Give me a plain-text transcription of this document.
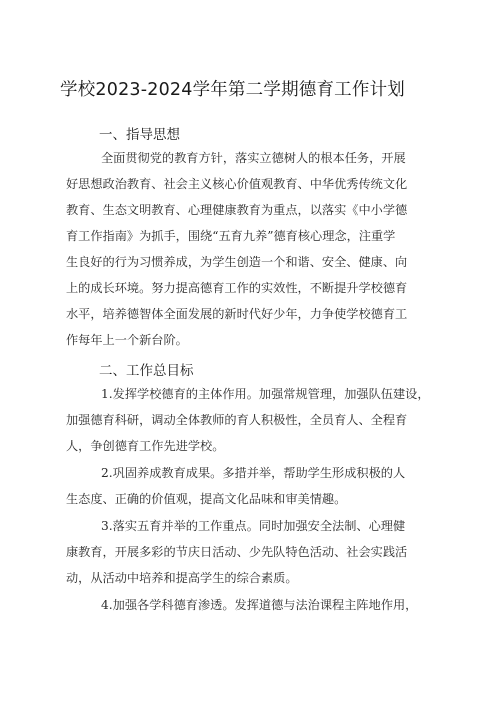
学校2023-2024学年第二学期德育工作计划
一、指导思想
全面贯彻党的教育方针，落实立德树人的根本任务，开展
好思想政治教育、社会主义核心价值观教育、中华优秀传统文化
教育、生态文明教育、心理健康教育为重点，以落实《中小学德
育工作指南》为抓手，围绕“五育九养”德育核心理念，注重学
生良好的行为习惯养成，为学生创造一个和谐、安全、健康、向
上的成长环境。努力提高德育工作的实效性，不断提升学校德育
水平，培养德智体全面发展的新时代好少年，力争使学校德育工
作每年上一个新台阶。
二、工作总目标
1.发挥学校德育的主体作用。加强常规管理，加强队伍建设，
加强德育科研，调动全体教师的育人积极性，全员育人、全程育
人，争创德育工作先进学校。
2.巩固养成教育成果。多措并举，帮助学生形成积极的人
生态度、正确的价值观，提高文化品味和审美情趣。
3.落实五育并举的工作重点。同时加强安全法制、心理健
康教育，开展多彩的节庆日活动、少先队特色活动、社会实践活
动，从活动中培养和提高学生的综合素质。
4.加强各学科德育渗透。发挥道德与法治课程主阵地作用，
